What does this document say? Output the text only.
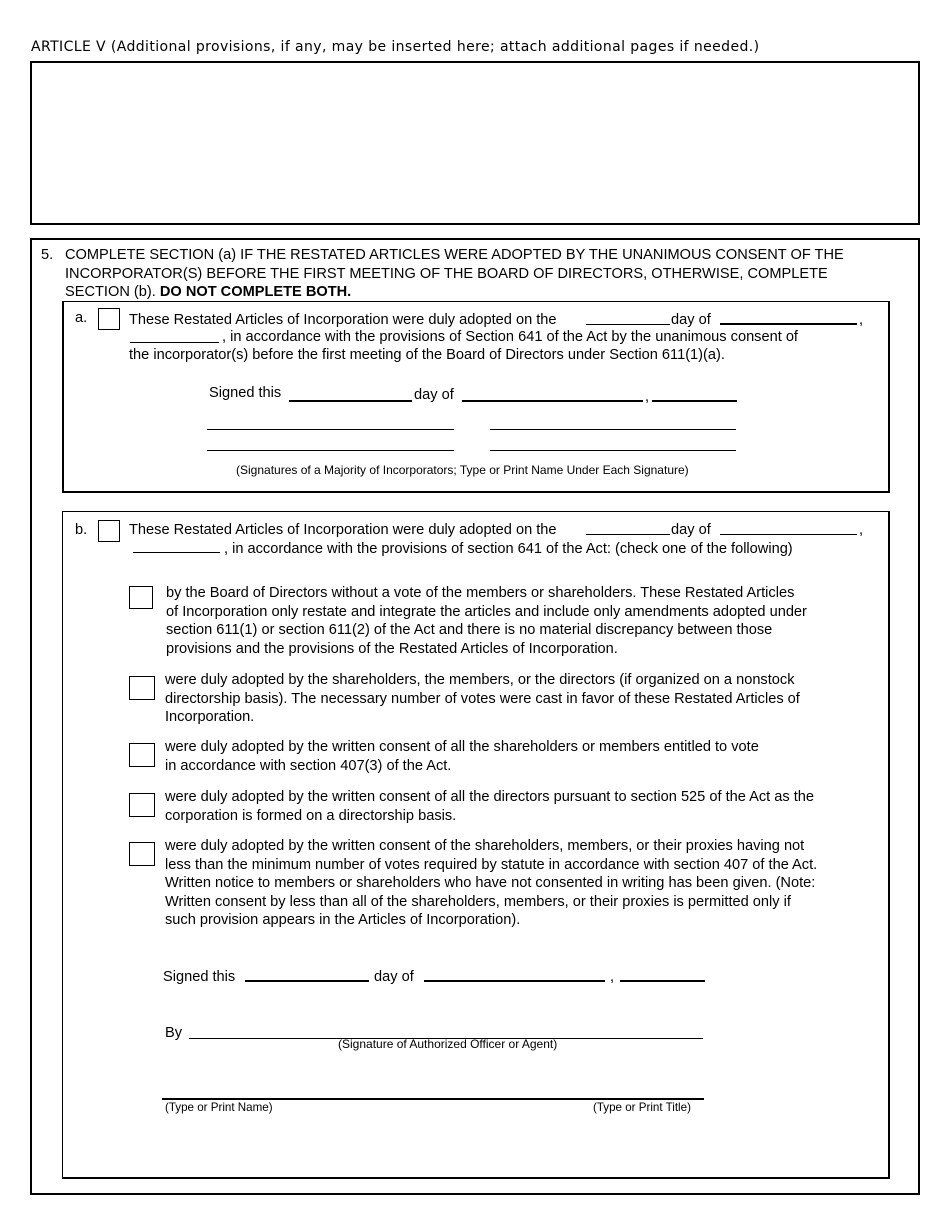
ARTICLE V (Additional provisions, if any, may be inserted here; attach additional pages if needed.)
5. COMPLETE SECTION (a) IF THE RESTATED ARTICLES WERE ADOPTED BY THE UNANIMOUS CONSENT OF THE
INCORPORATOR(S) BEFORE THE FIRST MEETING OF THE BOARD OF DIRECTORS, OTHERWISE, COMPLETE
SECTION (b). DO NOT COMPLETE BOTH.
a.	These Restated Articles of Incorporation were duly adopted on the	day of	,
, in accordance with the provisions of Section 641 of the Act by the unanimous consent of
the incorporator(s) before the first meeting of the Board of Directors under Section 611(1)(a).
Signed this	day of	,
(Signatures of a Majority of Incorporators; Type or Print Name Under Each Signature)
b.	These Restated Articles of Incorporation were duly adopted on the	day of	,
, in accordance with the provisions of section 641 of the Act: (check one of the following)
by the Board of Directors without a vote of the members or shareholders. These Restated Articles
of Incorporation only restate and integrate the articles and include only amendments adopted under
section 611(1) or section 611(2) of the Act and there is no material discrepancy between those
provisions and the provisions of the Restated Articles of Incorporation.
were duly adopted by the shareholders, the members, or the directors (if organized on a nonstock
directorship basis). The necessary number of votes were cast in favor of these Restated Articles of
Incorporation.
were duly adopted by the written consent of all the shareholders or members entitled to vote
in accordance with section 407(3) of the Act.
were duly adopted by the written consent of all the directors pursuant to section 525 of the Act as the
corporation is formed on a directorship basis.
were duly adopted by the written consent of the shareholders, members, or their proxies having not
less than the minimum number of votes required by statute in accordance with section 407 of the Act.
Written notice to members or shareholders who have not consented in writing has been given. (Note:
Written consent by less than all of the shareholders, members, or their proxies is permitted only if
such provision appears in the Articles of Incorporation).
Signed this	day of	,
By
(Signature of Authorized Officer or Agent)
(Type or Print Name)	(Type or Print Title)
